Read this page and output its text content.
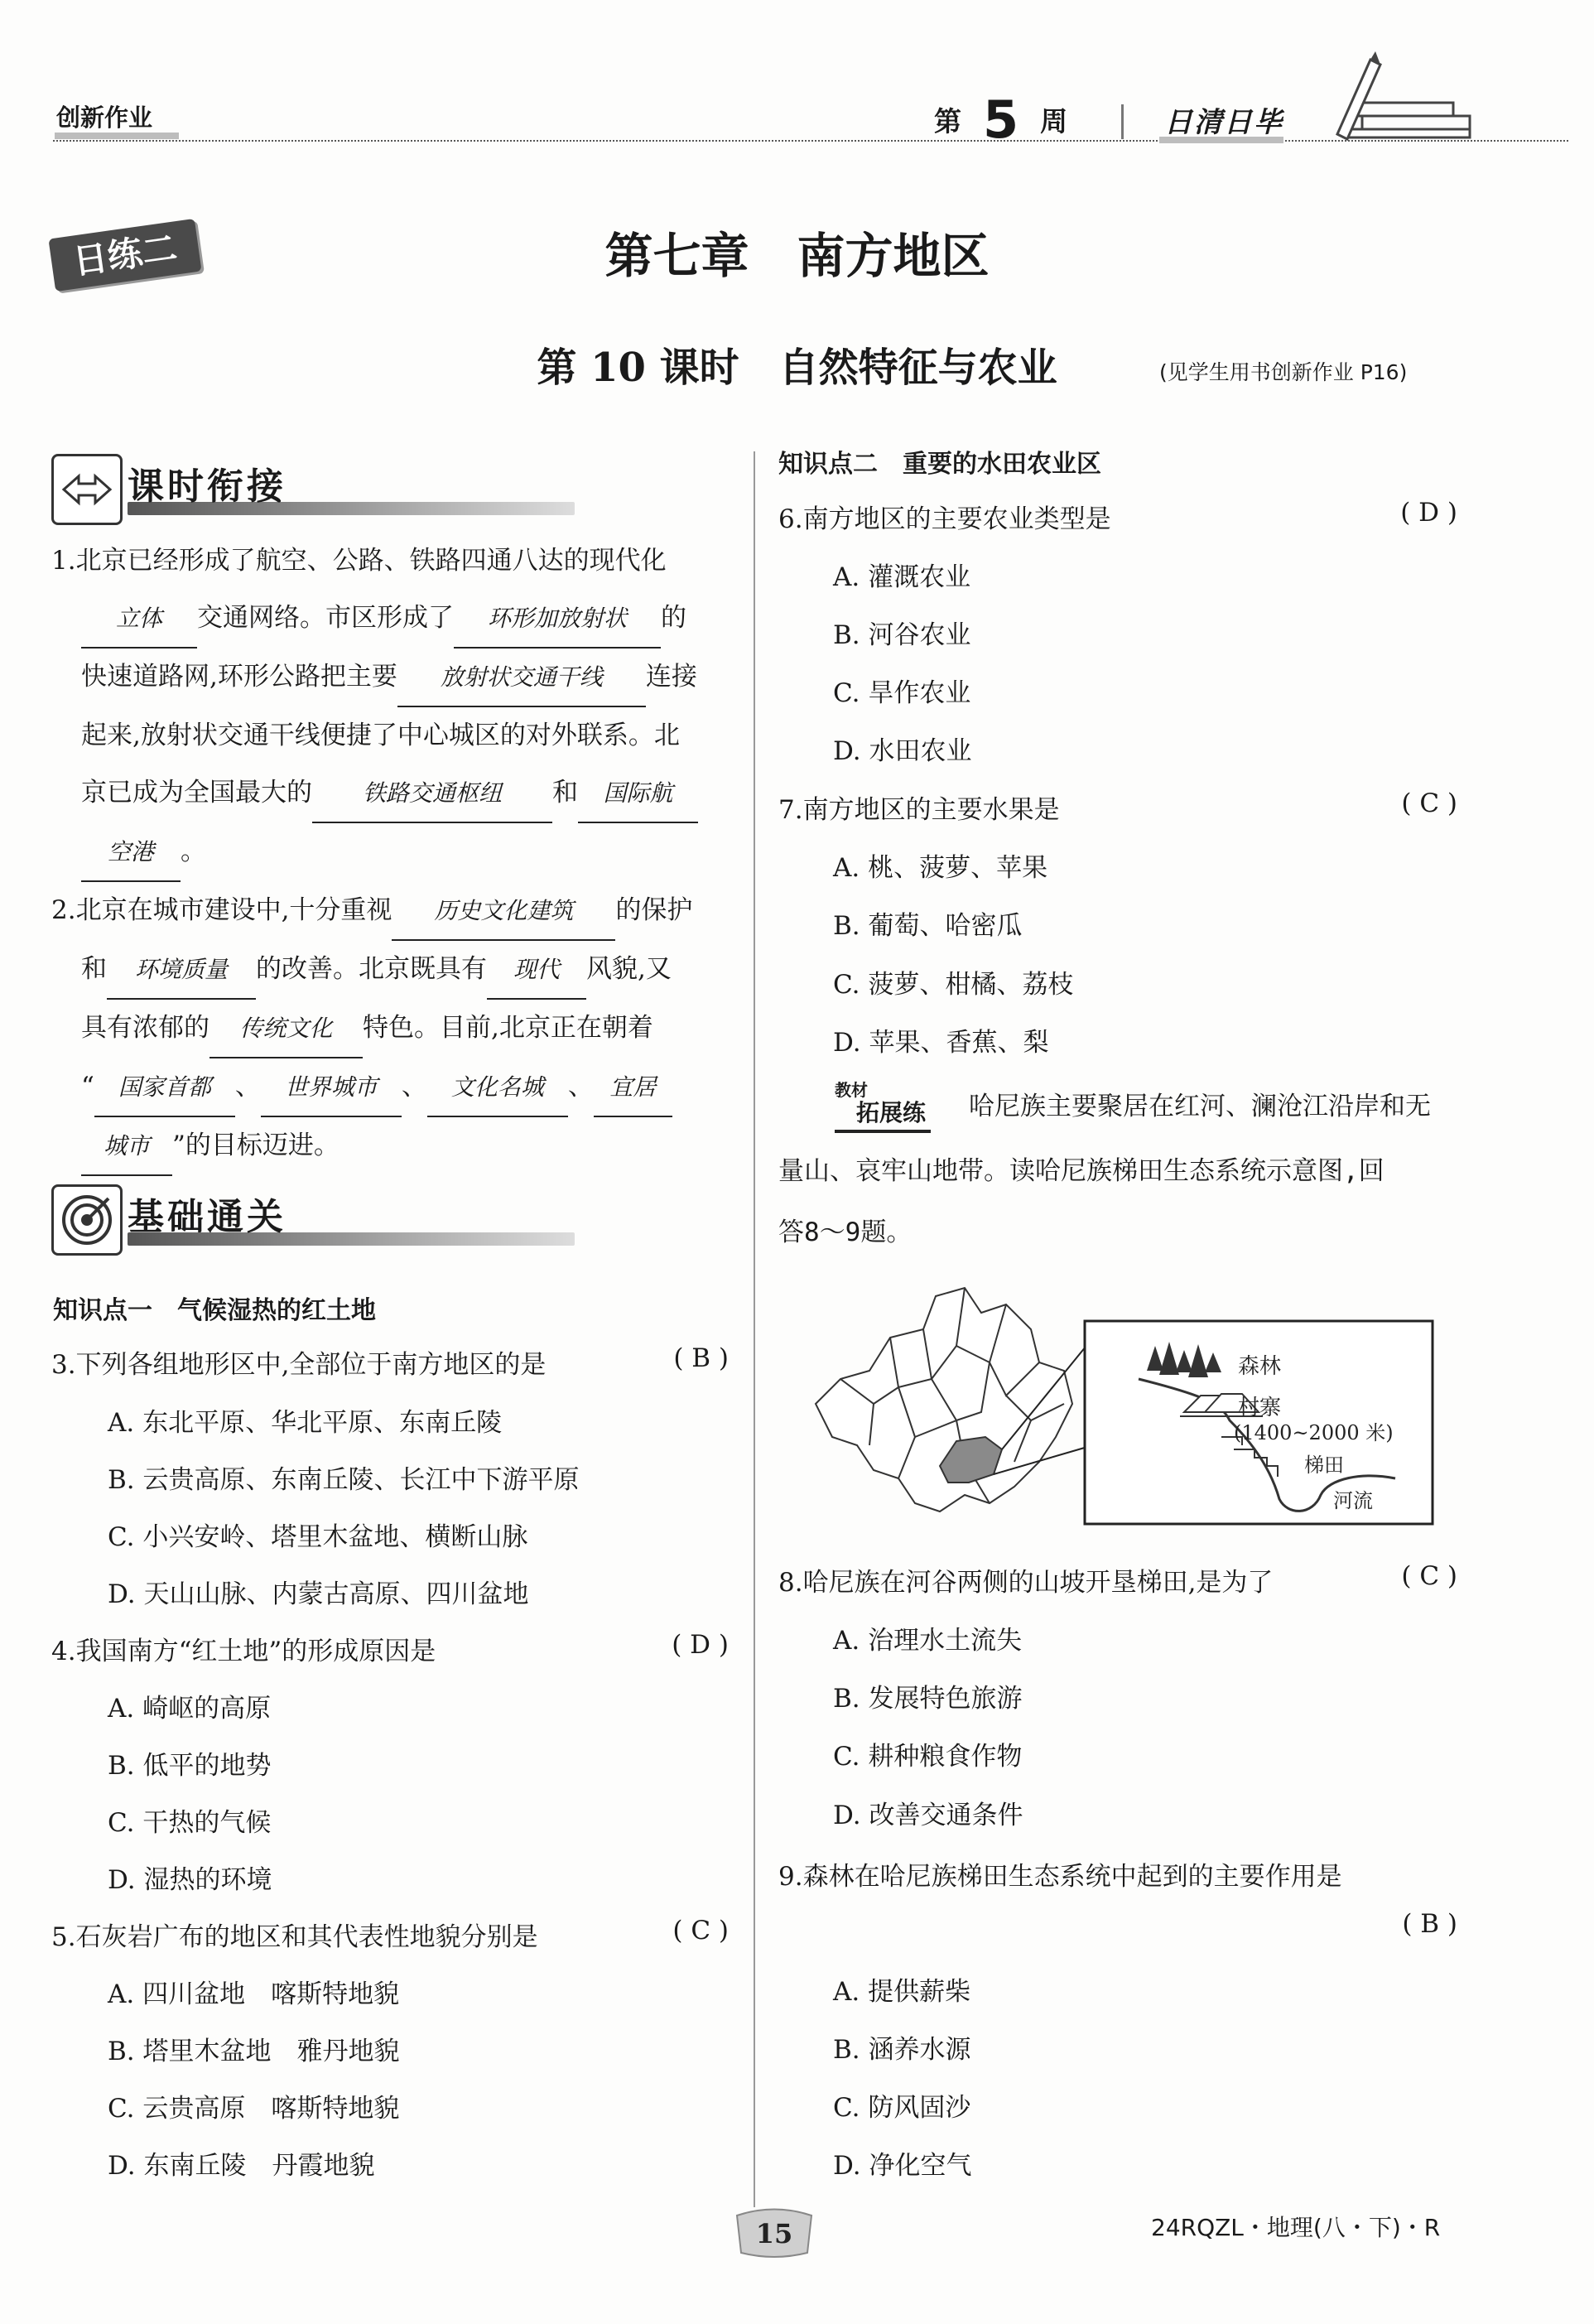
创新作业	第 5 周	日清日毕
日练二	第七章　南方地区
第 10 课时　自然特征与农业	(见学生用书创新作业 P16)
课时衔接
1.北京已经形成了航空、公路、铁路四通八达的现代化
立体 交通网络。市区形成了 环形加放射状 的
快速道路网,环形公路把主要 放射状交通干线 连接
起来,放射状交通干线便捷了中心城区的对外联系。北
京已成为全国最大的 铁路交通枢纽 和 国际航
空港 。
2.北京在城市建设中,十分重视 历史文化建筑 的保护
和 环境质量 的改善。北京既具有 现代 风貌,又
具有浓郁的 传统文化 特色。目前,北京正在朝着
“ 国家首都 、 世界城市 、 文化名城 、 宜居
城市 ”的目标迈进。
基础通关
知识点一　气候湿热的红土地
3.下列各组地形区中,全部位于南方地区的是	( B )
A. 东北平原、华北平原、东南丘陵
B. 云贵高原、东南丘陵、长江中下游平原
C. 小兴安岭、塔里木盆地、横断山脉
D. 天山山脉、内蒙古高原、四川盆地
4.我国南方“红土地”的形成原因是	( D )
A. 崎岖的高原
B. 低平的地势
C. 干热的气候
D. 湿热的环境
5.石灰岩广布的地区和其代表性地貌分别是	( C )
A. 四川盆地　喀斯特地貌
B. 塔里木盆地　雅丹地貌
C. 云贵高原　喀斯特地貌
D. 东南丘陵　丹霞地貌
知识点二　重要的水田农业区
6.南方地区的主要农业类型是	( D )
A. 灌溉农业
B. 河谷农业
C. 旱作农业
D. 水田农业
7.南方地区的主要水果是	( C )
A. 桃、菠萝、苹果
B. 葡萄、哈密瓜
C. 菠萝、柑橘、荔枝
D. 苹果、香蕉、梨
教材
拓展练 哈尼族主要聚居在红河、澜沧江沿岸和无
量山、哀牢山地带。读哈尼族梯田生态系统示意图,回
答8～9题。
森林
村寨
(1400~2000 米)
梯田
河流
8.哈尼族在河谷两侧的山坡开垦梯田,是为了	( C )
A. 治理水土流失
B. 发展特色旅游
C. 耕种粮食作物
D. 改善交通条件
9.森林在哈尼族梯田生态系统中起到的主要作用是
( B )
A. 提供薪柴
B. 涵养水源
C. 防风固沙
D. 净化空气
15	24RQZL・地理(八・下)・R
